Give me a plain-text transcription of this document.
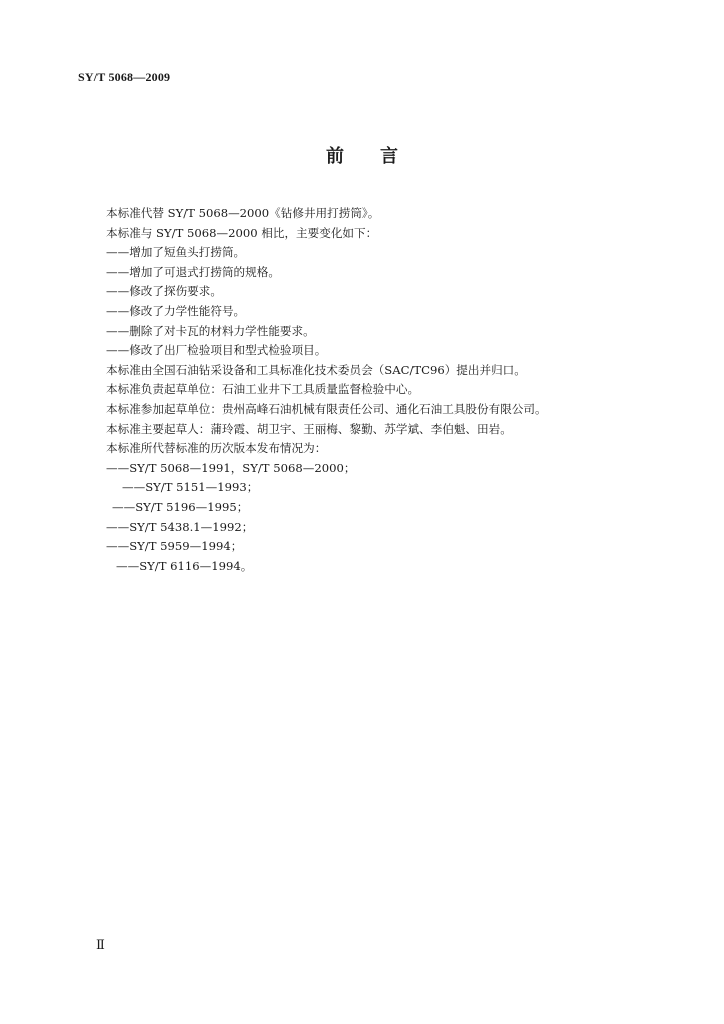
SY/T 5068—2009
前言
本标准代替 SY/T 5068—2000《钻修井用打捞筒》。
本标准与 SY/T 5068—2000 相比，主要变化如下：
——增加了短鱼头打捞筒。
——增加了可退式打捞筒的规格。
——修改了探伤要求。
——修改了力学性能符号。
——删除了对卡瓦的材料力学性能要求。
——修改了出厂检验项目和型式检验项目。
本标准由全国石油钻采设备和工具标准化技术委员会（SAC/TC96）提出并归口。
本标准负责起草单位：石油工业井下工具质量监督检验中心。
本标准参加起草单位：贵州高峰石油机械有限责任公司、通化石油工具股份有限公司。
本标准主要起草人：蒲玲霞、胡卫宇、王丽梅、黎勤、苏学斌、李伯魁、田岩。
本标准所代替标准的历次版本发布情况为：
——SY/T 5068—1991，SY/T 5068—2000；
——SY/T 5151—1993；
——SY/T 5196—1995；
——SY/T 5438.1—1992；
——SY/T 5959—1994；
——SY/T 6116—1994。
Ⅱ
